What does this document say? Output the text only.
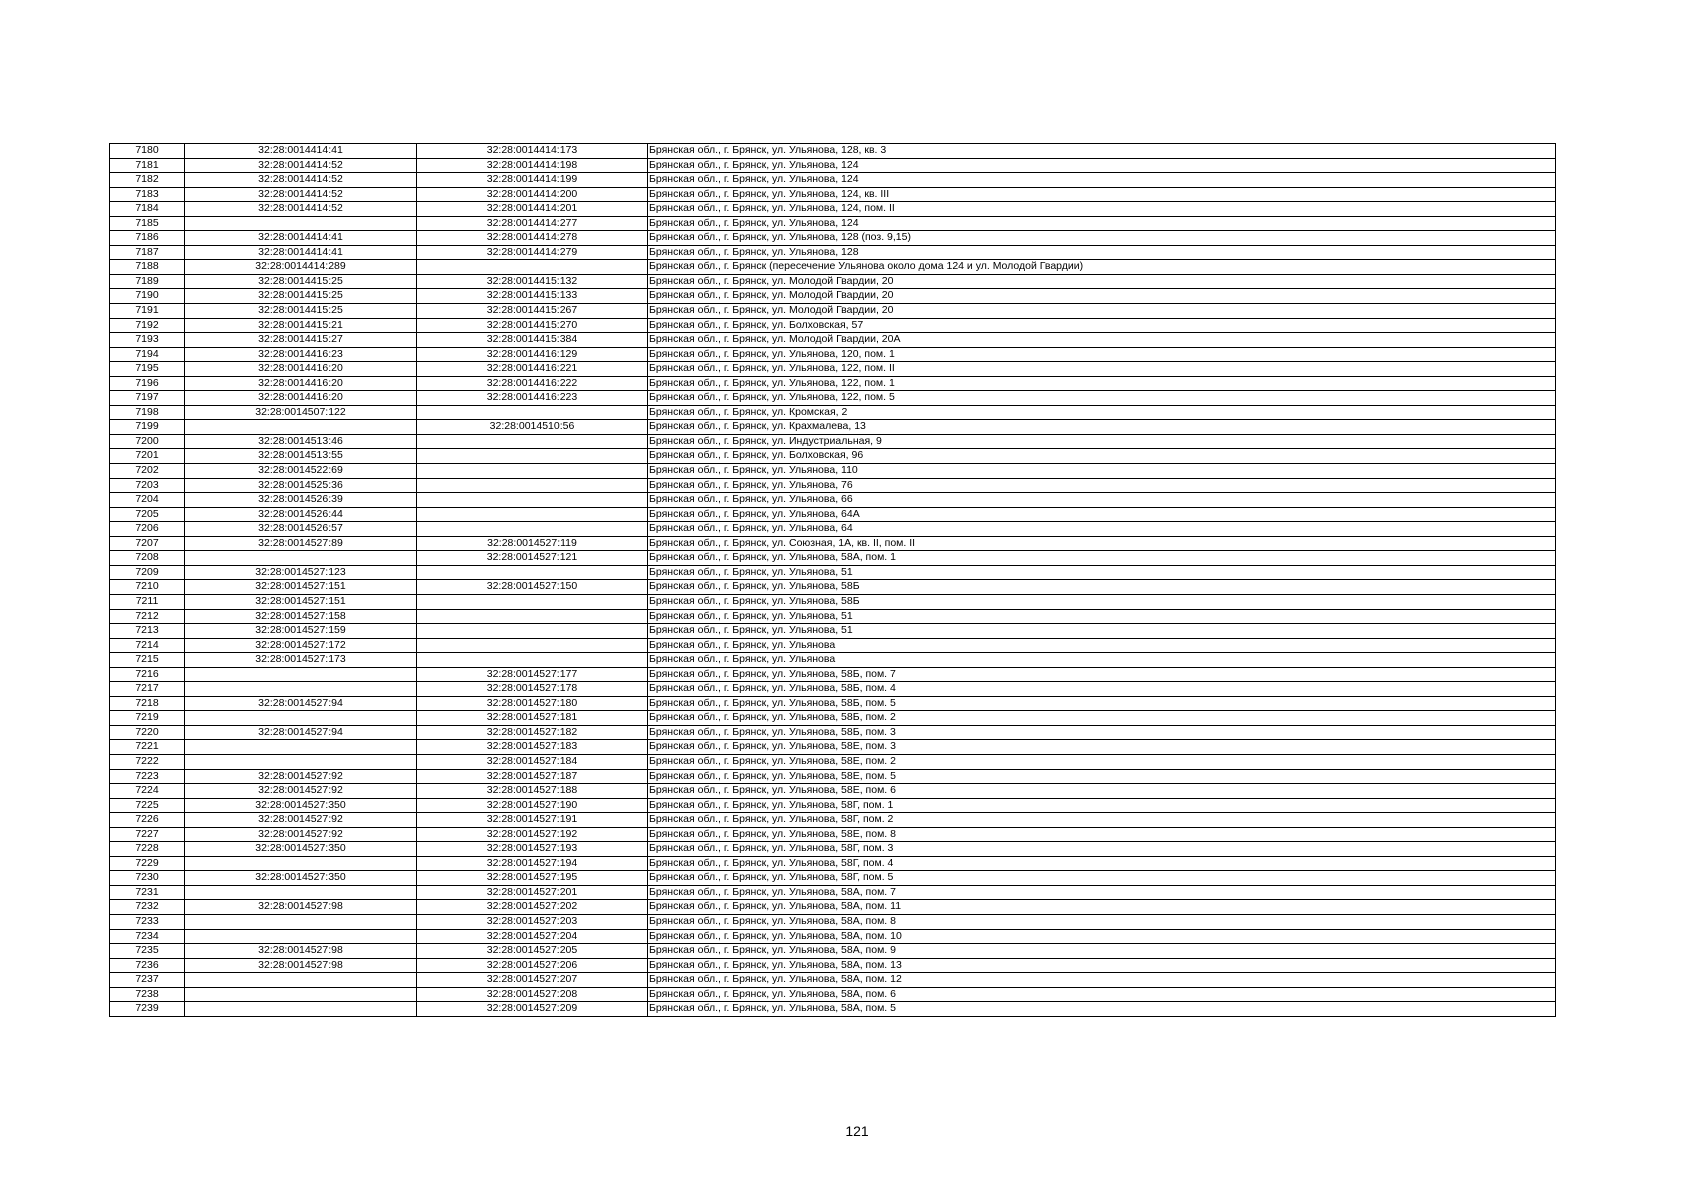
7180	32:28:0014414:41	32:28:0014414:173	Брянская обл., г. Брянск, ул. Ульянова, 128, кв. 3
7181	32:28:0014414:52	32:28:0014414:198	Брянская обл., г. Брянск, ул. Ульянова, 124
7182	32:28:0014414:52	32:28:0014414:199	Брянская обл., г. Брянск, ул. Ульянова, 124
7183	32:28:0014414:52	32:28:0014414:200	Брянская обл., г. Брянск, ул. Ульянова, 124, кв. III
7184	32:28:0014414:52	32:28:0014414:201	Брянская обл., г. Брянск, ул. Ульянова, 124, пом. II
7185		32:28:0014414:277	Брянская обл., г. Брянск, ул. Ульянова, 124
7186	32:28:0014414:41	32:28:0014414:278	Брянская обл., г. Брянск, ул. Ульянова, 128 (поз. 9,15)
7187	32:28:0014414:41	32:28:0014414:279	Брянская обл., г. Брянск, ул. Ульянова, 128
7188	32:28:0014414:289		Брянская обл., г. Брянск (пересечение Ульянова около дома 124 и ул. Молодой Гвардии)
7189	32:28:0014415:25	32:28:0014415:132	Брянская обл., г. Брянск, ул. Молодой Гвардии, 20
7190	32:28:0014415:25	32:28:0014415:133	Брянская обл., г. Брянск, ул. Молодой Гвардии, 20
7191	32:28:0014415:25	32:28:0014415:267	Брянская обл., г. Брянск, ул. Молодой Гвардии, 20
7192	32:28:0014415:21	32:28:0014415:270	Брянская обл., г. Брянск, ул. Болховская, 57
7193	32:28:0014415:27	32:28:0014415:384	Брянская обл., г. Брянск, ул. Молодой Гвардии, 20А
7194	32:28:0014416:23	32:28:0014416:129	Брянская обл., г. Брянск, ул. Ульянова, 120, пом. 1
7195	32:28:0014416:20	32:28:0014416:221	Брянская обл., г. Брянск, ул. Ульянова, 122, пом. II
7196	32:28:0014416:20	32:28:0014416:222	Брянская обл., г. Брянск, ул. Ульянова, 122, пом. 1
7197	32:28:0014416:20	32:28:0014416:223	Брянская обл., г. Брянск, ул. Ульянова, 122, пом. 5
7198	32:28:0014507:122		Брянская обл., г. Брянск, ул. Кромская, 2
7199		32:28:0014510:56	Брянская обл., г. Брянск, ул. Крахмалева, 13
7200	32:28:0014513:46		Брянская обл., г. Брянск, ул. Индустриальная, 9
7201	32:28:0014513:55		Брянская обл., г. Брянск, ул. Болховская, 96
7202	32:28:0014522:69		Брянская обл., г. Брянск, ул. Ульянова, 110
7203	32:28:0014525:36		Брянская обл., г. Брянск, ул. Ульянова, 76
7204	32:28:0014526:39		Брянская обл., г. Брянск, ул. Ульянова, 66
7205	32:28:0014526:44		Брянская обл., г. Брянск, ул. Ульянова, 64А
7206	32:28:0014526:57		Брянская обл., г. Брянск, ул. Ульянова, 64
7207	32:28:0014527:89	32:28:0014527:119	Брянская обл., г. Брянск, ул. Союзная, 1А, кв. II, пом. II
7208		32:28:0014527:121	Брянская обл., г. Брянск, ул. Ульянова, 58А, пом. 1
7209	32:28:0014527:123		Брянская обл., г. Брянск, ул. Ульянова, 51
7210	32:28:0014527:151	32:28:0014527:150	Брянская обл., г. Брянск, ул. Ульянова, 58Б
7211	32:28:0014527:151		Брянская обл., г. Брянск, ул. Ульянова, 58Б
7212	32:28:0014527:158		Брянская обл., г. Брянск, ул. Ульянова, 51
7213	32:28:0014527:159		Брянская обл., г. Брянск, ул. Ульянова, 51
7214	32:28:0014527:172		Брянская обл., г. Брянск, ул. Ульянова
7215	32:28:0014527:173		Брянская обл., г. Брянск, ул. Ульянова
7216		32:28:0014527:177	Брянская обл., г. Брянск, ул. Ульянова, 58Б, пом. 7
7217		32:28:0014527:178	Брянская обл., г. Брянск, ул. Ульянова, 58Б, пом. 4
7218	32:28:0014527:94	32:28:0014527:180	Брянская обл., г. Брянск, ул. Ульянова, 58Б, пом. 5
7219		32:28:0014527:181	Брянская обл., г. Брянск, ул. Ульянова, 58Б, пом. 2
7220	32:28:0014527:94	32:28:0014527:182	Брянская обл., г. Брянск, ул. Ульянова, 58Б, пом. 3
7221		32:28:0014527:183	Брянская обл., г. Брянск, ул. Ульянова, 58Е, пом. 3
7222		32:28:0014527:184	Брянская обл., г. Брянск, ул. Ульянова, 58Е, пом. 2
7223	32:28:0014527:92	32:28:0014527:187	Брянская обл., г. Брянск, ул. Ульянова, 58Е, пом. 5
7224	32:28:0014527:92	32:28:0014527:188	Брянская обл., г. Брянск, ул. Ульянова, 58Е, пом. 6
7225	32:28:0014527:350	32:28:0014527:190	Брянская обл., г. Брянск, ул. Ульянова, 58Г, пом. 1
7226	32:28:0014527:92	32:28:0014527:191	Брянская обл., г. Брянск, ул. Ульянова, 58Г, пом. 2
7227	32:28:0014527:92	32:28:0014527:192	Брянская обл., г. Брянск, ул. Ульянова, 58Е, пом. 8
7228	32:28:0014527:350	32:28:0014527:193	Брянская обл., г. Брянск, ул. Ульянова, 58Г, пом. 3
7229		32:28:0014527:194	Брянская обл., г. Брянск, ул. Ульянова, 58Г, пом. 4
7230	32:28:0014527:350	32:28:0014527:195	Брянская обл., г. Брянск, ул. Ульянова, 58Г, пом. 5
7231		32:28:0014527:201	Брянская обл., г. Брянск, ул. Ульянова, 58А, пом. 7
7232	32:28:0014527:98	32:28:0014527:202	Брянская обл., г. Брянск, ул. Ульянова, 58А, пом. 11
7233		32:28:0014527:203	Брянская обл., г. Брянск, ул. Ульянова, 58А, пом. 8
7234		32:28:0014527:204	Брянская обл., г. Брянск, ул. Ульянова, 58А, пом. 10
7235	32:28:0014527:98	32:28:0014527:205	Брянская обл., г. Брянск, ул. Ульянова, 58А, пом. 9
7236	32:28:0014527:98	32:28:0014527:206	Брянская обл., г. Брянск, ул. Ульянова, 58А, пом. 13
7237		32:28:0014527:207	Брянская обл., г. Брянск, ул. Ульянова, 58А, пом. 12
7238		32:28:0014527:208	Брянская обл., г. Брянск, ул. Ульянова, 58А, пом. 6
7239		32:28:0014527:209	Брянская обл., г. Брянск, ул. Ульянова, 58А, пом. 5
121
